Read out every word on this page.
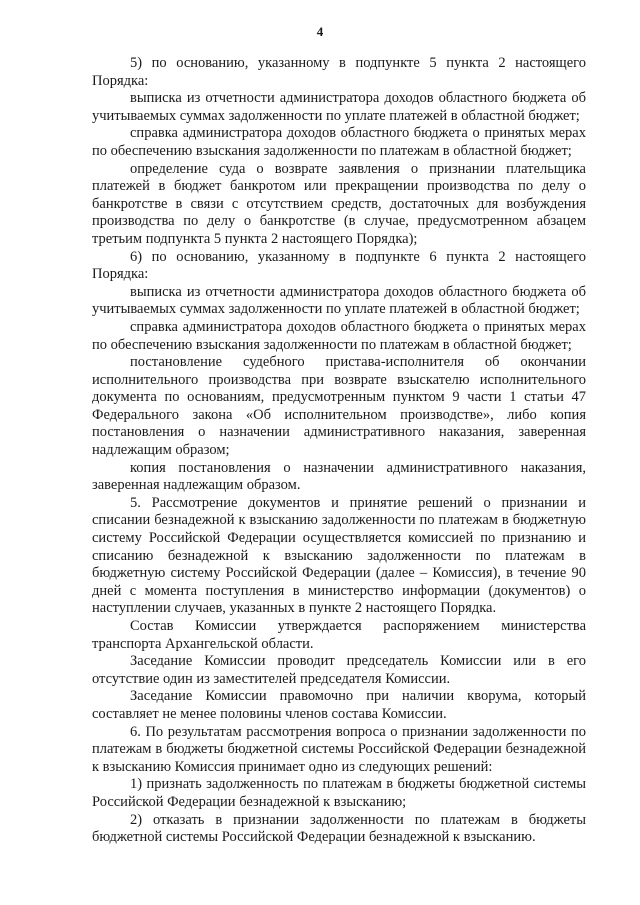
4

5) по основанию, указанному в подпункте 5 пункта 2 настоящего Порядка:

выписка из отчетности администратора доходов областного бюджета об учитываемых суммах задолженности по уплате платежей в областной бюджет;

справка администратора доходов областного бюджета о принятых мерах по обеспечению взыскания задолженности по платежам в областной бюджет;

определение суда о возврате заявления о признании плательщика платежей в бюджет банкротом или прекращении производства по делу о банкротстве в связи с отсутствием средств, достаточных для возбуждения производства по делу о банкротстве (в случае, предусмотренном абзацем третьим подпункта 5 пункта 2 настоящего Порядка);

6) по основанию, указанному в подпункте 6 пункта 2 настоящего Порядка:

выписка из отчетности администратора доходов областного бюджета об учитываемых суммах задолженности по уплате платежей в областной бюджет;

справка администратора доходов областного бюджета о принятых мерах по обеспечению взыскания задолженности по платежам в областной бюджет;

постановление судебного пристава-исполнителя об окончании исполнительного производства при возврате взыскателю исполнительного документа по основаниям, предусмотренным пунктом 9 части 1 статьи 47 Федерального закона «Об исполнительном производстве», либо копия постановления о назначении административного наказания, заверенная надлежащим образом;

копия постановления о назначении административного наказания, заверенная надлежащим образом.

5. Рассмотрение документов и принятие решений о признании и списании безнадежной к взысканию задолженности по платежам в бюджетную систему Российской Федерации осуществляется комиссией по признанию и списанию безнадежной к взысканию задолженности по платежам в бюджетную систему Российской Федерации (далее – Комиссия), в течение 90 дней с момента поступления в министерство информации (документов) о наступлении случаев, указанных в пункте 2 настоящего Порядка.

Состав Комиссии утверждается распоряжением министерства транспорта Архангельской области.

Заседание Комиссии проводит председатель Комиссии или в его отсутствие один из заместителей председателя Комиссии.

Заседание Комиссии правомочно при наличии кворума, который составляет не менее половины членов состава Комиссии.

6. По результатам рассмотрения вопроса о признании задолженности по платежам в бюджеты бюджетной системы Российской Федерации безнадежной к взысканию Комиссия принимает одно из следующих решений:

1) признать задолженность по платежам в бюджеты бюджетной системы Российской Федерации безнадежной к взысканию;

2) отказать в признании задолженности по платежам в бюджеты бюджетной системы Российской Федерации безнадежной к взысканию.
